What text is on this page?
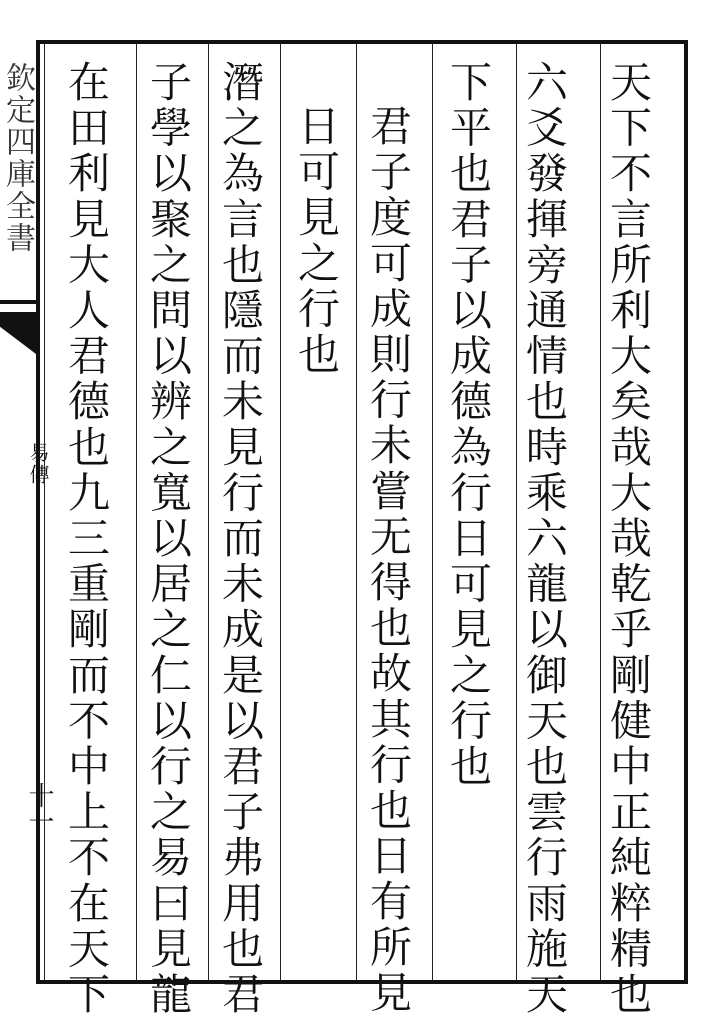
欽定四庫全書
易傳
十一	天下不言所利大矣哉大哉乾乎剛健中正純粹精也
六爻發揮旁通情也時乘六龍以御天也雲行雨施天
下平也君子以成德為行日可見之行也
君子度可成則行未嘗无得也故其行也日有所見
日可見之行也
潛之為言也隱而未見行而未成是以君子弗用也君
子學以聚之問以辨之寬以居之仁以行之易曰見龍
在田利見大人君德也九三重剛而不中上不在天下
